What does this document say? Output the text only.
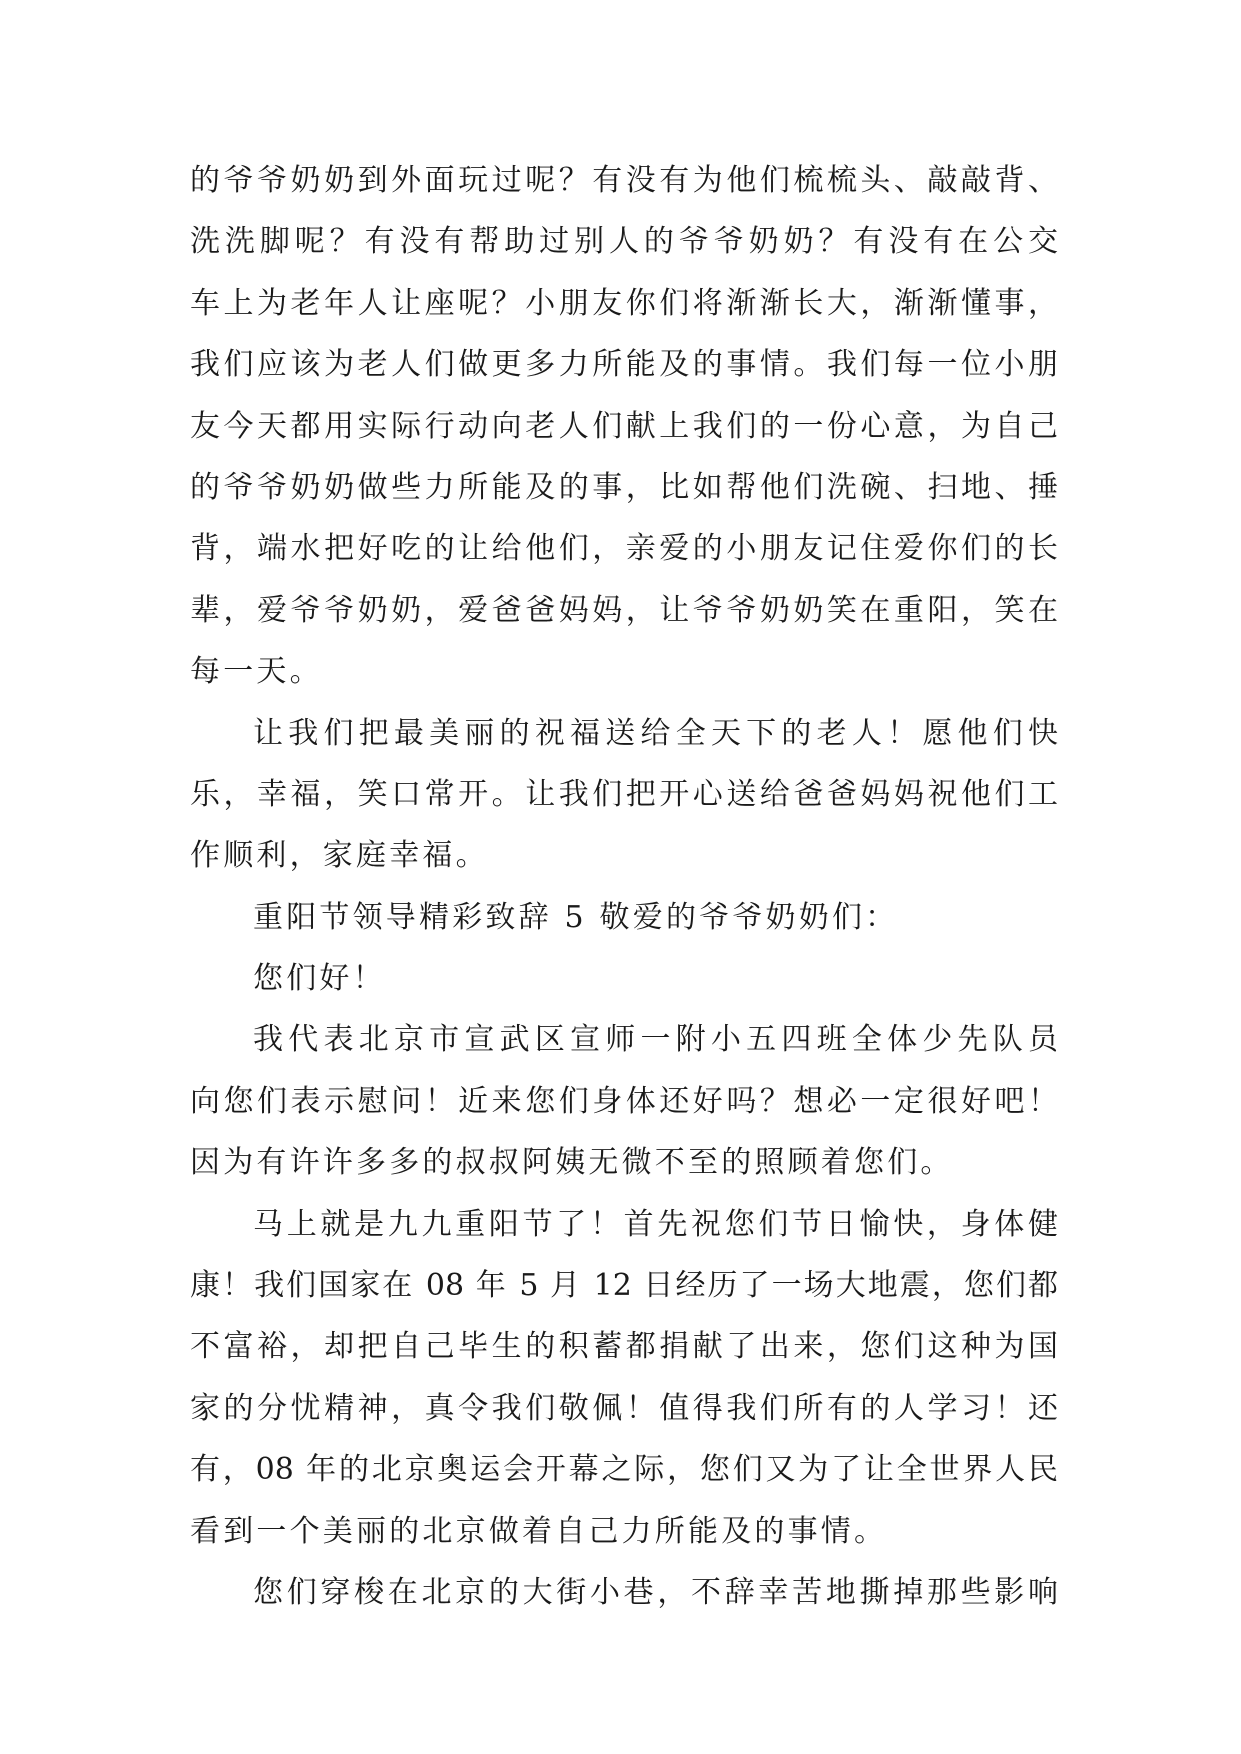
的爷爷奶奶到外面玩过呢？有没有为他们梳梳头、敲敲背、
洗洗脚呢？有没有帮助过别人的爷爷奶奶？有没有在公交
车上为老年人让座呢？小朋友你们将渐渐长大，渐渐懂事，
我们应该为老人们做更多力所能及的事情。我们每一位小朋
友今天都用实际行动向老人们献上我们的一份心意，为自己
的爷爷奶奶做些力所能及的事，比如帮他们洗碗、扫地、捶
背，端水把好吃的让给他们，亲爱的小朋友记住爱你们的长
辈，爱爷爷奶奶，爱爸爸妈妈，让爷爷奶奶笑在重阳，笑在
每一天。
让我们把最美丽的祝福送给全天下的老人！愿他们快
乐，幸福，笑口常开。让我们把开心送给爸爸妈妈祝他们工
作顺利，家庭幸福。
重阳节领导精彩致辞 5 敬爱的爷爷奶奶们：
您们好！
我代表北京市宣武区宣师一附小五四班全体少先队员
向您们表示慰问！近来您们身体还好吗？想必一定很好吧！
因为有许许多多的叔叔阿姨无微不至的照顾着您们。
马上就是九九重阳节了！首先祝您们节日愉快，身体健
康！我们国家在 08 年 5 月 12 日经历了一场大地震，您们都
不富裕，却把自己毕生的积蓄都捐献了出来，您们这种为国
家的分忧精神，真令我们敬佩！值得我们所有的人学习！还
有，08 年的北京奥运会开幕之际，您们又为了让全世界人民
看到一个美丽的北京做着自己力所能及的事情。
您们穿梭在北京的大街小巷，不辞幸苦地撕掉那些影响
